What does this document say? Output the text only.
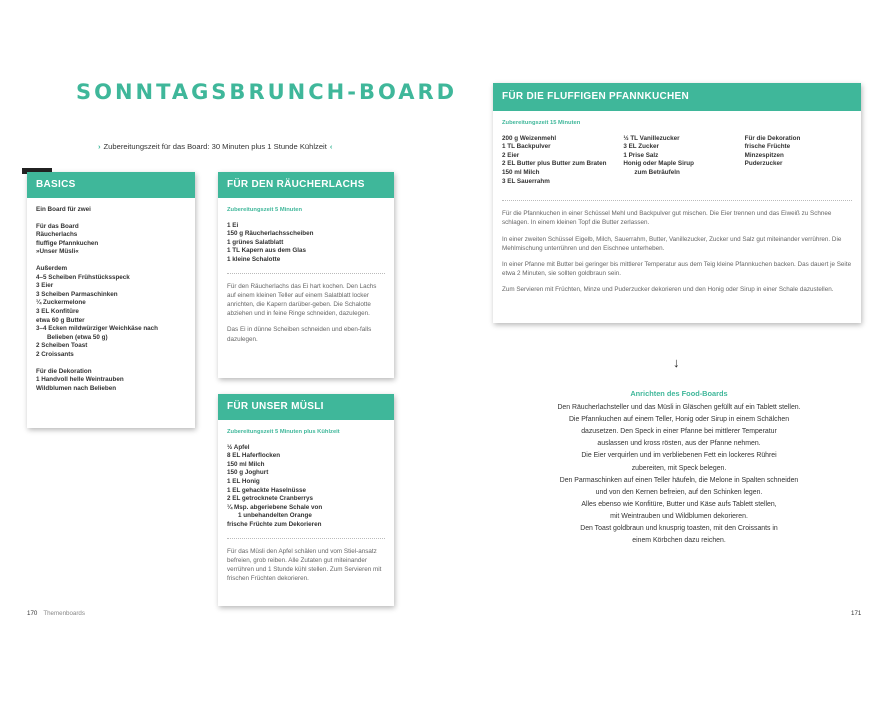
SONNTAGSBRUNCH-BOARD
› Zubereitungszeit für das Board: 30 Minuten plus 1 Stunde Kühlzeit ‹
BASICS
Ein Board für zwei
Für das Board
Räucherlachs
fluffige Pfannkuchen
»Unser Müsli«
Außerdem
4–5 Scheiben Frühstücksspeck
3 Eier
3 Scheiben Parmaschinken
¼ Zuckermelone
3 EL Konfitüre
etwa 60 g Butter
3–4 Ecken mildwürziger Weichkäse nach
Belieben (etwa 50 g)
2 Scheiben Toast
2 Croissants
Für die Dekoration
1 Handvoll helle Weintrauben
Wildblumen nach Belieben
FÜR DEN RÄUCHERLACHS
Zubereitungszeit 5 Minuten
1 Ei
150 g Räucherlachsscheiben
1 grünes Salatblatt
1 TL Kapern aus dem Glas
1 kleine Schalotte

Für den Räucherlachs das Ei hart kochen. Den Lachs auf einem kleinen Teller auf einem Salatblatt locker anrichten, die Kapern darüber-geben. Die Schalotte abziehen und in feine Ringe schneiden, dazulegen.

Das Ei in dünne Scheiben schneiden und eben-falls dazulegen.

FÜR UNSER MÜSLI
Zubereitungszeit 5 Minuten plus Kühlzeit
½ Apfel
8 EL Haferflocken
150 ml Milch
150 g Joghurt
1 EL Honig
1 EL gehackte Haselnüsse
2 EL getrocknete Cranberrys
¼ Msp. abgeriebene Schale von
1 unbehandelten Orange
frische Früchte zum Dekorieren

Für das Müsli den Apfel schälen und vom Stiel-ansatz befreien, grob reiben. Alle Zutaten gut miteinander verrühren und 1 Stunde kühl stellen. Zum Servieren mit frischen Früchten dekorieren.

170 Themenboards
FÜR DIE FLUFFIGEN PFANNKUCHEN
Zubereitungszeit 15 Minuten
200 g Weizenmehl
1 TL Backpulver
2 Eier
2 EL Butter plus Butter zum Braten
150 ml Milch
3 EL Sauerrahm
½ TL Vanillezucker
3 EL Zucker
1 Prise Salz
Honig oder Maple Sirup
zum Beträufeln
Für die Dekoration
frische Früchte
Minzespitzen
Puderzucker

Für die Pfannkuchen in einer Schüssel Mehl und Backpulver gut mischen. Die Eier trennen und das Eiweiß zu Schnee schlagen. In einem kleinen Topf die Butter zerlassen.

In einer zweiten Schüssel Eigelb, Milch, Sauerrahm, Butter, Vanillezucker, Zucker und Salz gut miteinander verrühren. Die Mehlmischung unterrühren und den Eischnee unterheben.

In einer Pfanne mit Butter bei geringer bis mittlerer Temperatur aus dem Teig kleine Pfannkuchen backen. Das dauert je Seite etwa 2 Minuten, sie sollten goldbraun sein.

Zum Servieren mit Früchten, Minze und Puderzucker dekorieren und den Honig oder Sirup in einer Schale dazustellen.

↓
Anrichten des Food-Boards
Den Räucherlachsteller und das Müsli in Gläschen gefüllt auf ein Tablett stellen.
Die Pfannkuchen auf einem Teller, Honig oder Sirup in einem Schälchen
dazusetzen. Den Speck in einer Pfanne bei mittlerer Temperatur
auslassen und kross rösten, aus der Pfanne nehmen.
Die Eier verquirlen und im verbliebenen Fett ein lockeres Rührei
zubereiten, mit Speck belegen.
Den Parmaschinken auf einen Teller häufeln, die Melone in Spalten schneiden
und von den Kernen befreien, auf den Schinken legen.
Alles ebenso wie Konfitüre, Butter und Käse aufs Tablett stellen,
mit Weintrauben und Wildblumen dekorieren.
Den Toast goldbraun und knusprig toasten, mit den Croissants in
einem Körbchen dazu reichen.
171
